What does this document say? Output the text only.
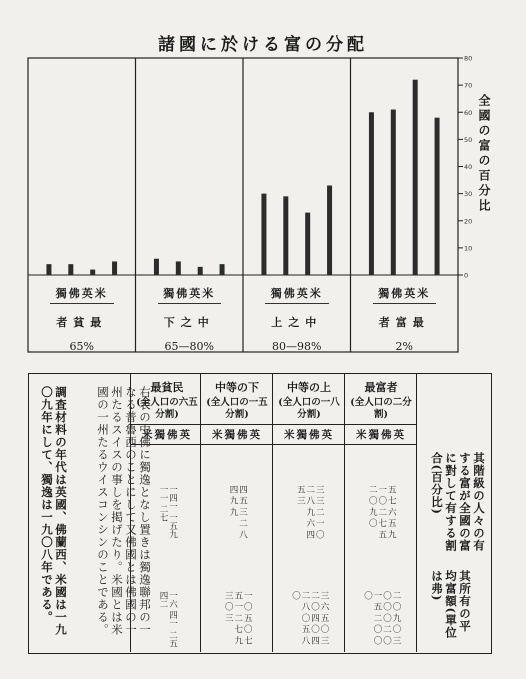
諸國に於ける富の分配
0
10
20
30
40
50
60
70
80
全國の富の百分比
獨佛英米
者貧最
65%
獨佛英米
下之中
65—80%
獨佛英米
上之中
80—98%
獨佛英米
者富最
2%
調査材料の年代は英國、佛蘭西、米國は一九〇九年にして、獨逸は一九〇八年である。	右表の中佛に獨逸となし置きは獨逸聯邦の一なる普魯西のことにして又佛國とは佛國の一州たるスイスの事しを掲げたり。米國とは米國の一州たるウイスコンシンのことである。	最貧民
(全人口の六五分割)
米獨佛英
一四一 一五九 一一 二七
一六 四一 二五 四二
中等の下
(全人口の一五分割)
米獨佛英
四 五 三 二 八 四 九 九
一 〇 五 〇 七 五 一 二 七 九 三 〇 三
中等の上
(全人口の一八分割)
米獨佛英
三 三 二 一 〇 二 八 九 六 四 五 三
三 六 五 〇 三 二 〇 四 〇 四 二 八 〇 五 八 〇
最富者
(全人口の二分割)
米獨佛英
五 七 六 五 九 一 〇 二 七 五 二 〇 九 〇
二 〇 九 〇 三 〇 〇 〇 二 〇 一 五 二 〇 〇 〇
其階級の人々の有する富が全國の富に對して有する割合(百分比)
其所有の平均富額(單位は弗)
